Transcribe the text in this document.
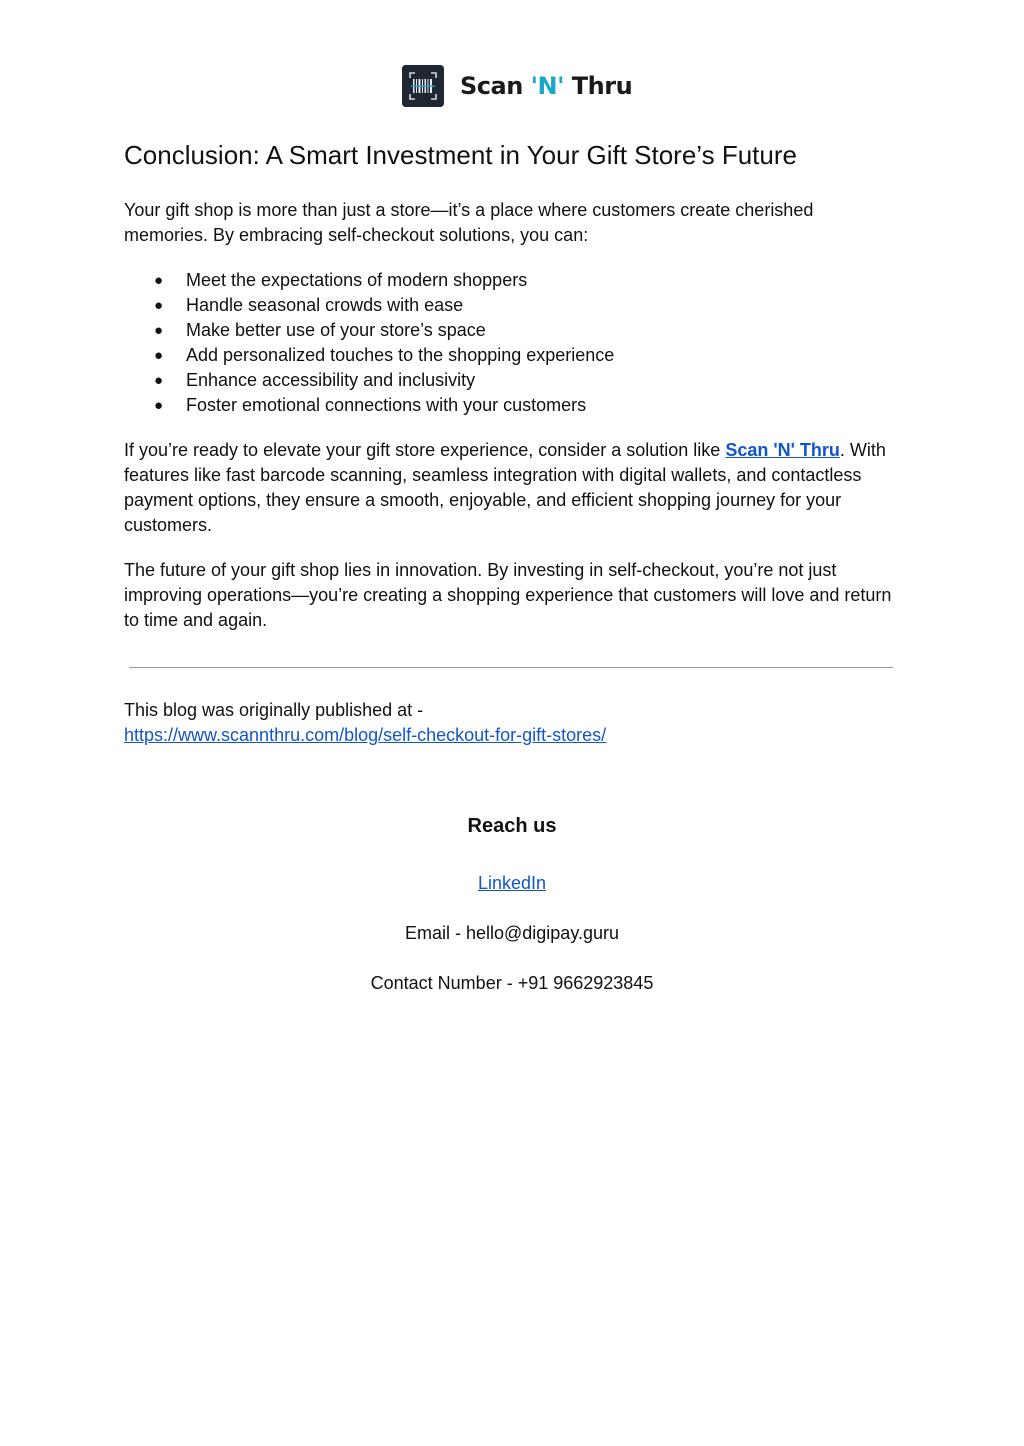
Scan 'N' Thru
Conclusion: A Smart Investment in Your Gift Store’s Future

Your gift shop is more than just a store—it’s a place where customers create cherished memories. By embracing self-checkout solutions, you can:

● Meet the expectations of modern shoppers
● Handle seasonal crowds with ease
● Make better use of your store’s space
● Add personalized touches to the shopping experience
● Enhance accessibility and inclusivity
● Foster emotional connections with your customers

If you’re ready to elevate your gift store experience, consider a solution like Scan 'N' Thru. With features like fast barcode scanning, seamless integration with digital wallets, and contactless payment options, they ensure a smooth, enjoyable, and efficient shopping journey for your customers.

The future of your gift shop lies in innovation. By investing in self-checkout, you’re not just improving operations—you’re creating a shopping experience that customers will love and return to time and again.

This blog was originally published at -
https://www.scannthru.com/blog/self-checkout-for-gift-stores/
Reach us
LinkedIn
Email - hello@digipay.guru
Contact Number - +91 9662923845
